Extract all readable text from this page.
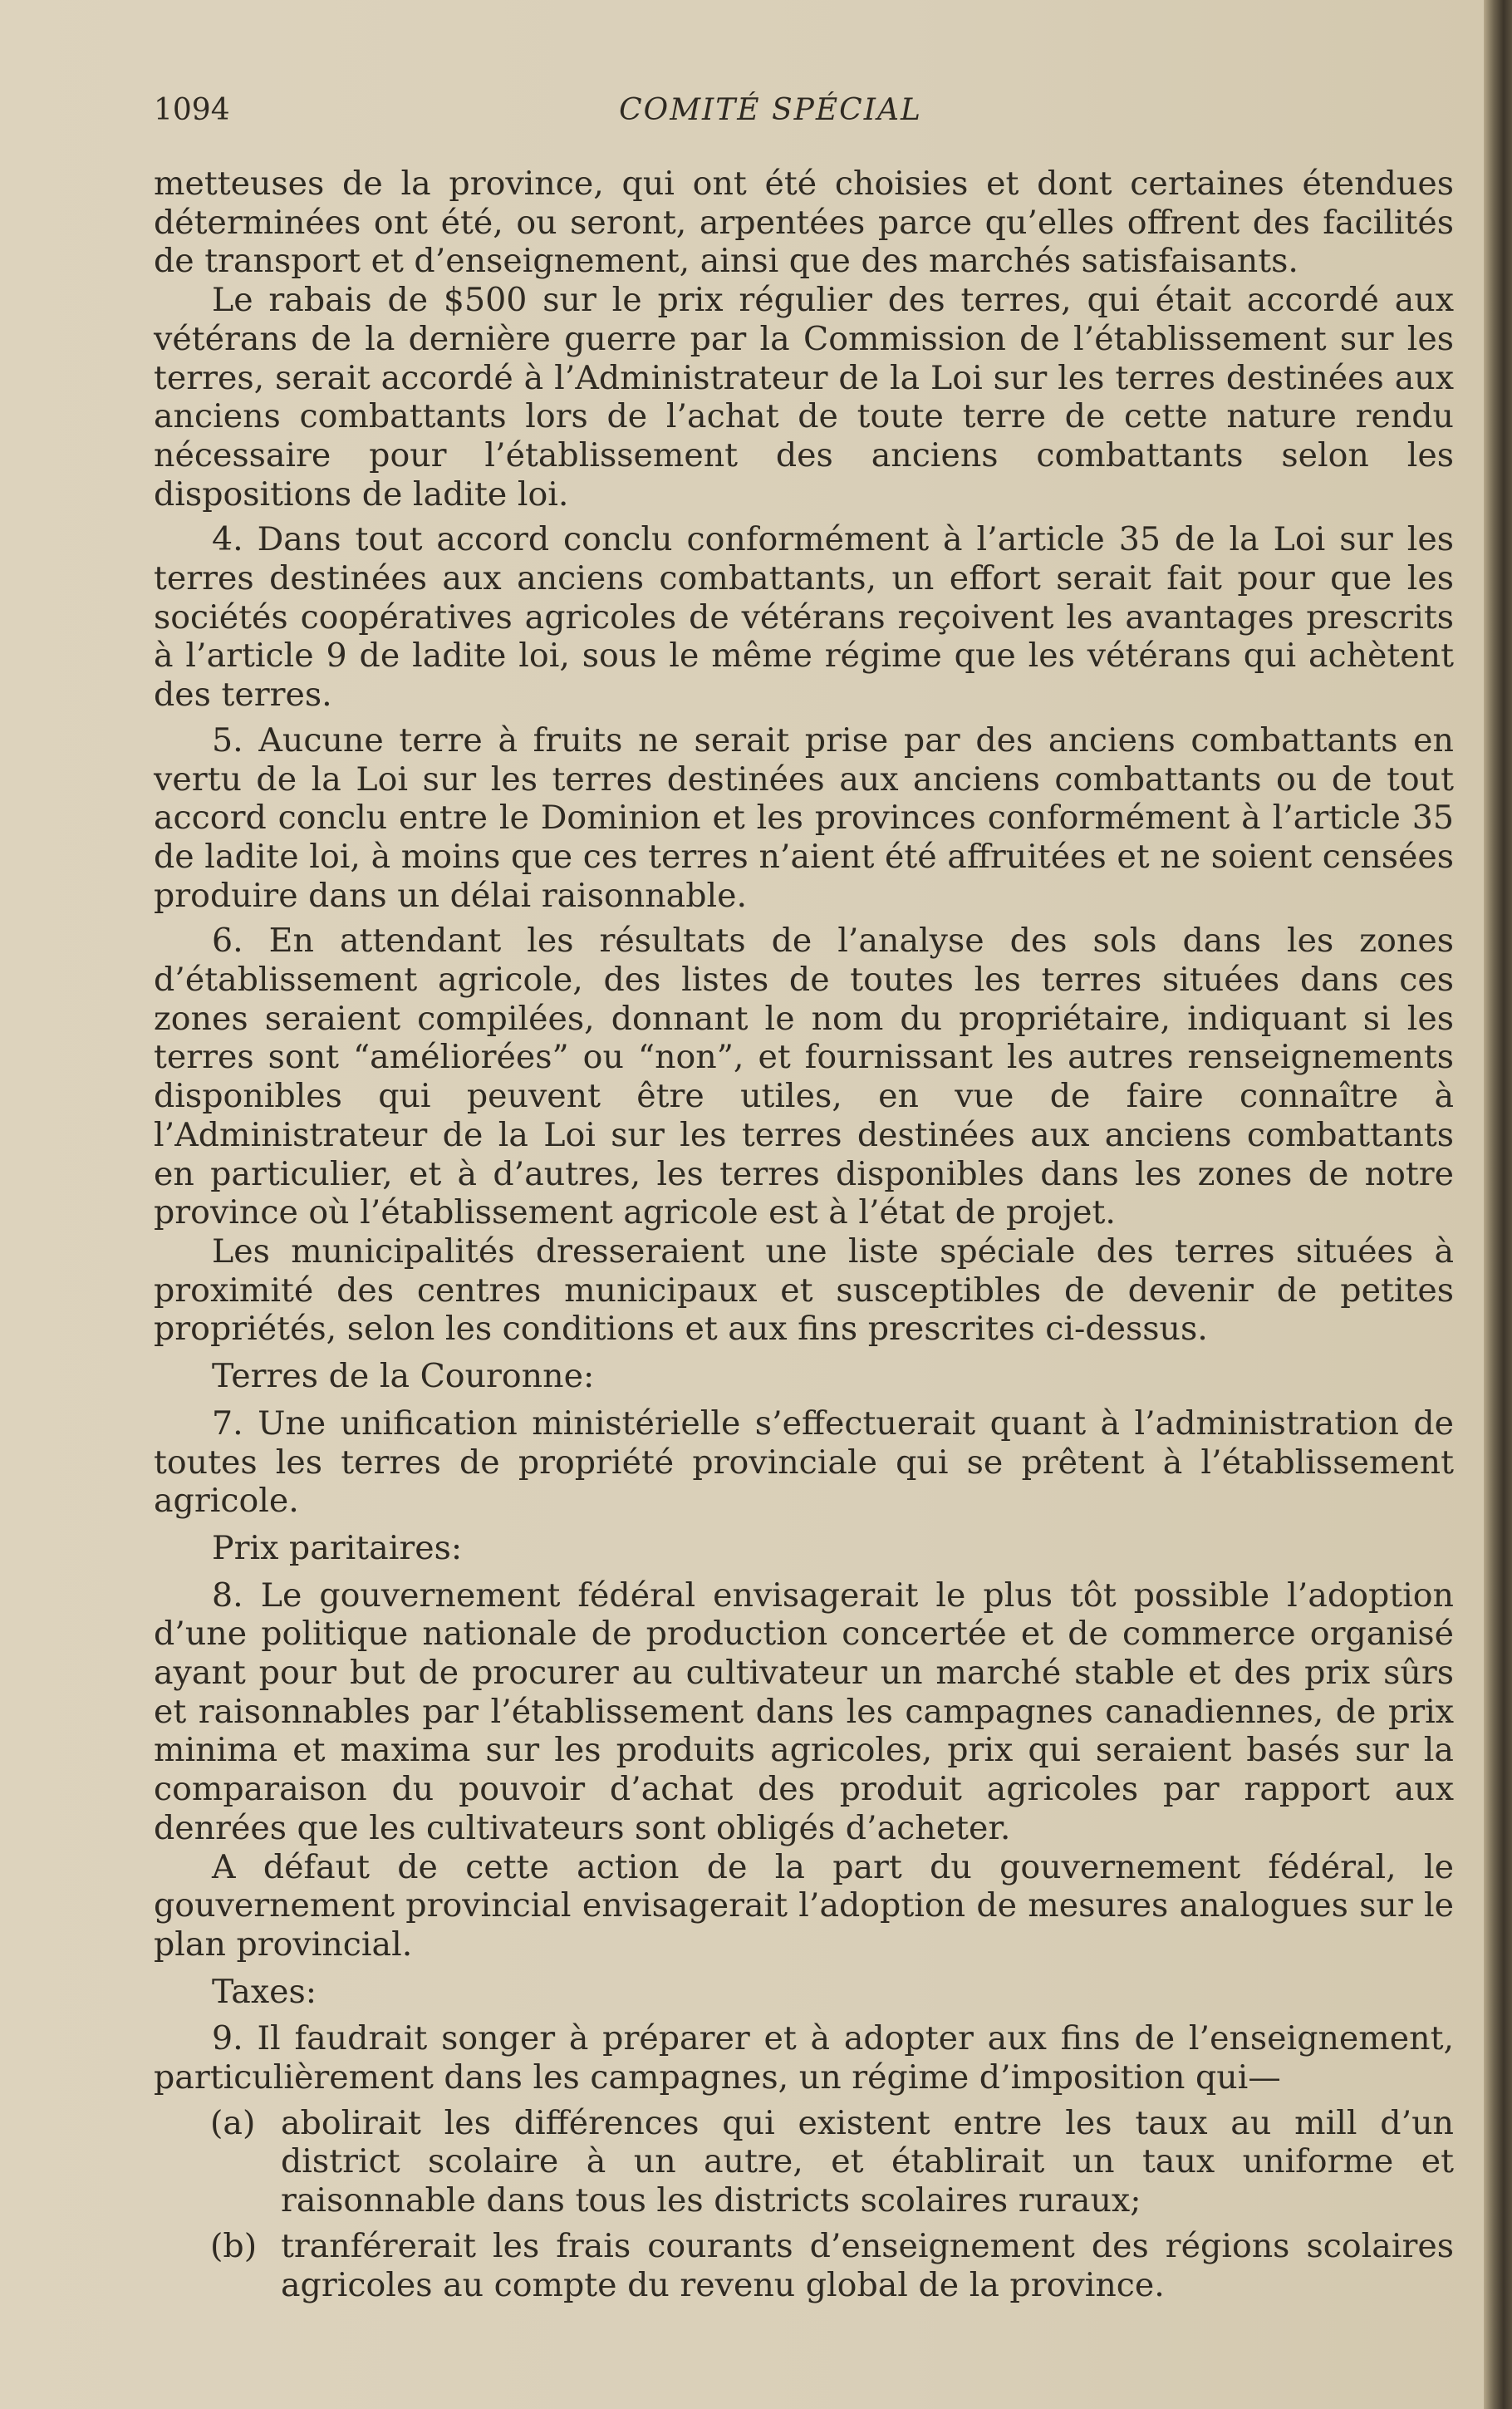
1094	COMITÉ SPÉCIAL

metteuses de la province, qui ont été choisies et dont certaines étendues déterminées ont été, ou seront, arpentées parce qu’elles offrent des facilités de transport et d’enseignement, ainsi que des marchés satisfaisants.

Le rabais de $500 sur le prix régulier des terres, qui était accordé aux vétérans de la dernière guerre par la Commission de l’établissement sur les terres, serait accordé à l’Administrateur de la Loi sur les terres destinées aux anciens combattants lors de l’achat de toute terre de cette nature rendu nécessaire pour l’établissement des anciens combattants selon les dispositions de ladite loi.

4. Dans tout accord conclu conformément à l’article 35 de la Loi sur les terres destinées aux anciens combattants, un effort serait fait pour que les sociétés coopératives agricoles de vétérans reçoivent les avantages prescrits à l’article 9 de ladite loi, sous le même régime que les vétérans qui achètent des terres.

5. Aucune terre à fruits ne serait prise par des anciens combattants en vertu de la Loi sur les terres destinées aux anciens combattants ou de tout accord conclu entre le Dominion et les provinces conformément à l’article 35 de ladite loi, à moins que ces terres n’aient été affruitées et ne soient censées produire dans un délai raisonnable.

6. En attendant les résultats de l’analyse des sols dans les zones d’établissement agricole, des listes de toutes les terres situées dans ces zones seraient compilées, donnant le nom du propriétaire, indiquant si les terres sont “améliorées” ou “non”, et fournissant les autres renseignements disponibles qui peuvent être utiles, en vue de faire connaître à l’Administrateur de la Loi sur les terres destinées aux anciens combattants en particulier, et à d’autres, les terres disponibles dans les zones de notre province où l’établissement agricole est à l’état de projet.

Les municipalités dresseraient une liste spéciale des terres situées à proximité des centres municipaux et susceptibles de devenir de petites propriétés, selon les conditions et aux fins prescrites ci-dessus.

Terres de la Couronne:

7. Une unification ministérielle s’effectuerait quant à l’administration de toutes les terres de propriété provinciale qui se prêtent à l’établissement agricole.

Prix paritaires:

8. Le gouvernement fédéral envisagerait le plus tôt possible l’adoption d’une politique nationale de production concertée et de commerce organisé ayant pour but de procurer au cultivateur un marché stable et des prix sûrs et raisonnables par l’établissement dans les campagnes canadiennes, de prix minima et maxima sur les produits agricoles, prix qui seraient basés sur la comparaison du pouvoir d’achat des produit agricoles par rapport aux denrées que les cultivateurs sont obligés d’acheter.

A défaut de cette action de la part du gouvernement fédéral, le gouvernement provincial envisagerait l’adoption de mesures analogues sur le plan provincial.

Taxes:

9. Il faudrait songer à préparer et à adopter aux fins de l’enseignement, particulièrement dans les campagnes, un régime d’imposition qui—

(a) abolirait les différences qui existent entre les taux au mill d’un district scolaire à un autre, et établirait un taux uniforme et raisonnable dans tous les districts scolaires ruraux;

(b) tranférerait les frais courants d’enseignement des régions scolaires agricoles au compte du revenu global de la province.
